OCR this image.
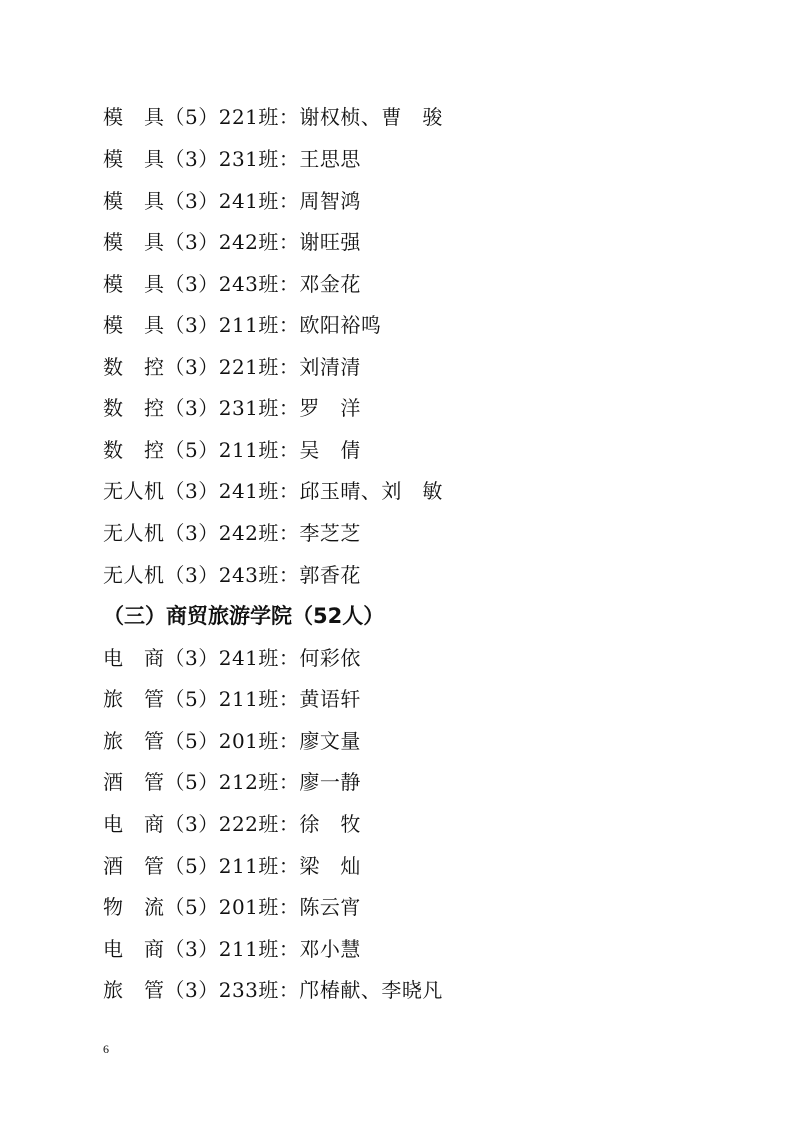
模　具（5）221班：谢权桢、曹　骏
模　具（3）231班：王思思
模　具（3）241班：周智鸿
模　具（3）242班：谢旺强
模　具（3）243班：邓金花
模　具（3）211班：欧阳裕鸣
数　控（3）221班：刘清清
数　控（3）231班：罗　洋
数　控（5）211班：吴　倩
无人机（3）241班：邱玉晴、刘　敏
无人机（3）242班：李芝芝
无人机（3）243班：郭香花
（三）商贸旅游学院（52人）
电　商（3）241班：何彩依
旅　管（5）211班：黄语轩
旅　管（5）201班：廖文量
酒　管（5）212班：廖一静
电　商（3）222班：徐　牧
酒　管（5）211班：梁　灿
物　流（5）201班：陈云宵
电　商（3）211班：邓小慧
旅　管（3）233班：邝椿献、李晓凡
6
